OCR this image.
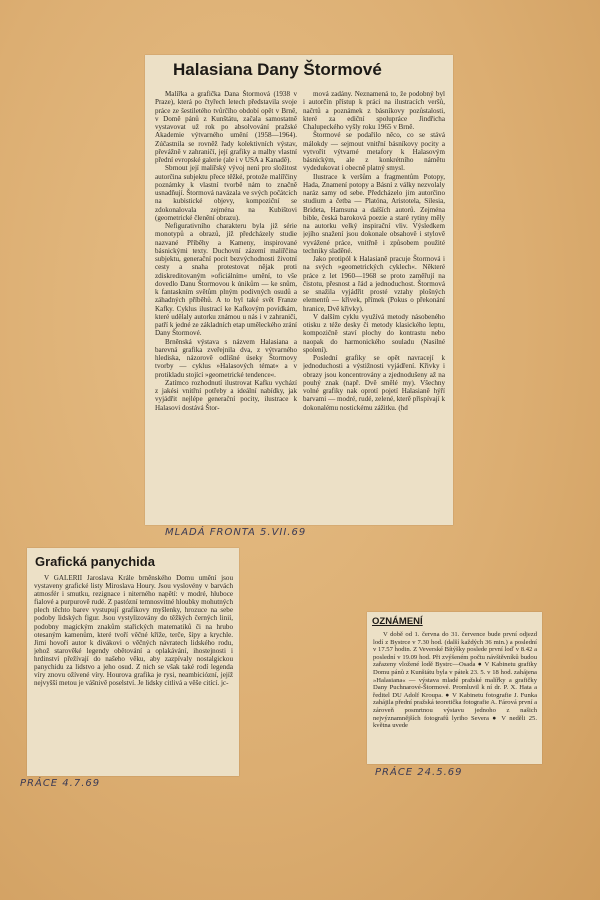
Halasiana Dany Štormové

Malířka a grafička Dana Štormová (1938 v Praze), která po čtyřech letech představila svoje práce ze šestiletého tvůrčího období opět v Brně, v Domě pánů z Kunštátu, začala samostatně vystavovat už rok po absolvování pražské Akademie výtvarného umění (1958—1964). Zúčastnila se rovněž řady kolektivních výstav, převážně v zahraničí, její grafiky a malby vlastní přední evropské galerie (ale i v USA a Kanadě).

Sbrnout její malířský vývoj není pro složitost autorčina subjektu přece těžké, protože malířčiny poznámky k vlastní tvorbě nám to značně usnadňují. Štormová navázala ve svých počátcích na kubistické objevy, kompoziční se zdokonalovala zejména na Kubištovi (geometrické členění obrazu).

Nefigurativního charakteru byla již série monotypů a obrazů, jíž předcházely studie nazvané Příběhy a Kameny, inspirované básnickými texty. Duchovní zázemí malířčina subjektu, generační pocit bezvýchodnosti životní cesty a snaha protestovat nějak proti zdiskreditovaným »oficiálním« umění, to vše dovedlo Danu Štormovou k únikům — ke snům, k fantaskním světům plným podivných osudů a záhadných příběhů. A to byl také svět Franze Kafky. Cyklus ilustrací ke Kafkovým povídkám, které udělaly autorku známou u nás i v zahraničí, patří k jedné ze základních etap uměleckého zrání Dany Štormové.

Brněnská výstava s názvem Halasiana a barevná grafika zveřejnila dva, z výtvarného hlediska, názorově odlišné úseky Štormovy tvorby — cyklus »Halasových témat« a v protikladu stojící »geometrické tendence«.

Zatímco rozhodnutí ilustrovat Kafku vychází z jakési vnitřní potřeby a ideální nabídky, jak vyjádřit nejlépe generační pocity, ilustrace k Halasovi dostává Štor-

mová zadány. Neznamená to, že podobný byl i autorčin přístup k práci na ilustracích veršů, načrtů a poznámek z básníkovy pozůstalosti, které za ediční spolupráce Jindřicha Chalupeckého vyšly roku 1965 v Brně.

Štormové se podařilo něco, co se stává málokdy — sejmout vnitřní básníkovy pocity a vytvořit výtvarné metafory k Halasovým básnickým, ale z konkrétního námětu vydedukovat i obecně platný smysl.

Ilustrace k veršům a fragmentům Potopy, Hada, Znamení potopy a Básní z války nezvolaly naráz samy od sebe. Předcházelo jim autorčino studium a četba — Platóna, Aristotela, Silesia, Brideta, Hamsuna a dalších autorů. Zejména bible, česká baroková poezie a staré rytiny měly na autorku velký inspirační vliv. Výsledkem jejího snažení jsou dokonale obsahově i stylově vyvážené práce, vnitřně i způsobem použité techniky sladěné.

Jako protipól k Halasianě pracuje Štormová i na svých »geometrických cyklech«. Některé práce z let 1960—1968 se proto zaměřují na čistotu, přesnost a řád a jednoduchost. Štormová se snažila vyjádřit prosté vztahy plošných elementů — křivek, přímek (Pokus o překonání hranice, Dvě křivky).

V dalším cyklu využívá metody násobeného otisku z téže desky či metody klasického leptu, kompozičně staví plochy do kontrastu nebo naopak do harmonického souladu (Nasilné spolení).

Poslední grafiky se opět navracejí k jednoduchosti a výstižnosti vyjádření. Křivky i obrazy jsou koncentrovány a zjednodušeny až na pouhý znak (např. Dvě smělé my). Všechny volné grafiky nak oprotí pojetí Halasianě hýří barvami — modré, rudé, zelené, kterě přispívají k dokonalému nostickému zážitku. (hd

MLADÁ FRONTA 5.VII.69
Grafická panychida

V GALERII Jaroslava Krále brněnského Domu umění jsou vystaveny grafické listy Miroslava Houry. Jsou vyslovény v barvách atmosfér i smutku, rezignace i niterného napětí: v modré, hluboce fialové a purpurově rudé. Z pastózní temnosvitné hloubky mohutných plech těchto barev vystupují grafikovy myšlenky, hrozuce na sebe podoby lidských figur. Jsou vystylizovány do těžkých černých linií, podobny magickým znakům stařických matematiků či na hrubo otesaným kamenům, které tvoří věčné kříže, terče, šípy a krychle. Jimi hovoří autor k divákovi o věčných návratech lidského rodu, jehož starověké legendy obětování a oplakávání, ihostejnosti i hrdinství přežívají do našeho věku, aby zazpívaly nostalgickou panychidu za lidstvo a jeho osud. Z nich se však také rodí legenda víry znovu ožívené víry. Hourova grafika je rysi, neambiciózní, jejíž nejvyšší metou je vášnivě poselství. Je lidsky citlivá a věše citící. jc-

PRÁCE 4.7.69
OZNÁMENÍ

V době od 1. června do 31. července bude první odjezd lodí z Bystrce v 7.30 hod. (další každých 36 min.) a poslední v 17.57 hodin. Z Veverské Bítýšky poslede první loď v 8.42 a poslední v 19.09 hod. Při zvýšeném počtu návštěvníků budou zařazeny vložené lodě Bystrc—Osada ● V Kabinetu grafiky Domu pánů z Kunštátu byla v pátek 23. 5. v 18 hod. zahájena »Halasiana« — výstava mladé pražské malířky a grafičky Dany Puchnarové-Štormové. Promluvil k ní dr. P. X. Hata a ředitel DU Adolf Kroupa. ● V Kabinetu fotografie J. Funka zahájila přední pražská teoretička fotografie A. Fárová první a zároveň posmrtnou výstavu jednoho z našich nejvýznamnějších fotografů lyriho Severa ● V neděli 25. května uvede

PRÁCE 24.5.69
